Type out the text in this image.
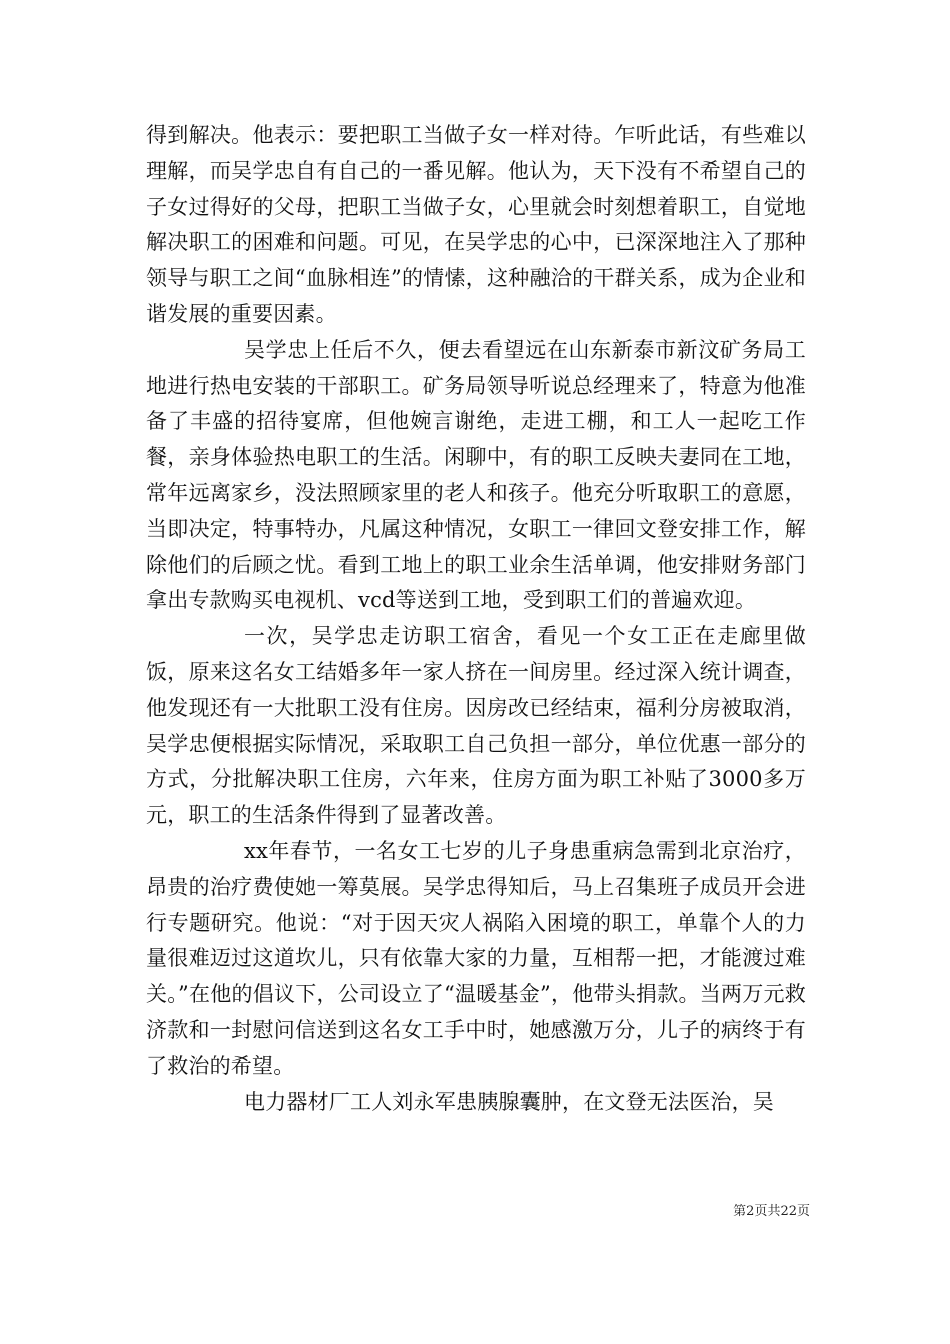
得到解决。他表示：要把职工当做子女一样对待。乍听此话，有些难以理解，而吴学忠自有自己的一番见解。他认为，天下没有不希望自己的子女过得好的父母，把职工当做子女，心里就会时刻想着职工，自觉地解决职工的困难和问题。可见，在吴学忠的心中，已深深地注入了那种领导与职工之间“血脉相连”的情愫，这种融洽的干群关系，成为企业和谐发展的重要因素。

吴学忠上任后不久，便去看望远在山东新泰市新汶矿务局工地进行热电安装的干部职工。矿务局领导听说总经理来了，特意为他准备了丰盛的招待宴席，但他婉言谢绝，走进工棚，和工人一起吃工作餐，亲身体验热电职工的生活。闲聊中，有的职工反映夫妻同在工地，常年远离家乡，没法照顾家里的老人和孩子。他充分听取职工的意愿，当即决定，特事特办，凡属这种情况，女职工一律回文登安排工作，解除他们的后顾之忧。看到工地上的职工业余生活单调，他安排财务部门拿出专款购买电视机、vcd等送到工地，受到职工们的普遍欢迎。

一次，吴学忠走访职工宿舍，看见一个女工正在走廊里做饭，原来这名女工结婚多年一家人挤在一间房里。经过深入统计调查，他发现还有一大批职工没有住房。因房改已经结束，福利分房被取消，吴学忠便根据实际情况，采取职工自己负担一部分，单位优惠一部分的方式，分批解决职工住房，六年来，住房方面为职工补贴了3000多万元，职工的生活条件得到了显著改善。

xx年春节，一名女工七岁的儿子身患重病急需到北京治疗，昂贵的治疗费使她一筹莫展。吴学忠得知后，马上召集班子成员开会进行专题研究。他说：“对于因天灾人祸陷入困境的职工，单靠个人的力量很难迈过这道坎儿，只有依靠大家的力量，互相帮一把，才能渡过难关。”在他的倡议下，公司设立了“温暖基金”，他带头捐款。当两万元救济款和一封慰问信送到这名女工手中时，她感激万分，儿子的病终于有了救治的希望。

电力器材厂工人刘永军患胰腺囊肿，在文登无法医治，吴

第2页共22页
